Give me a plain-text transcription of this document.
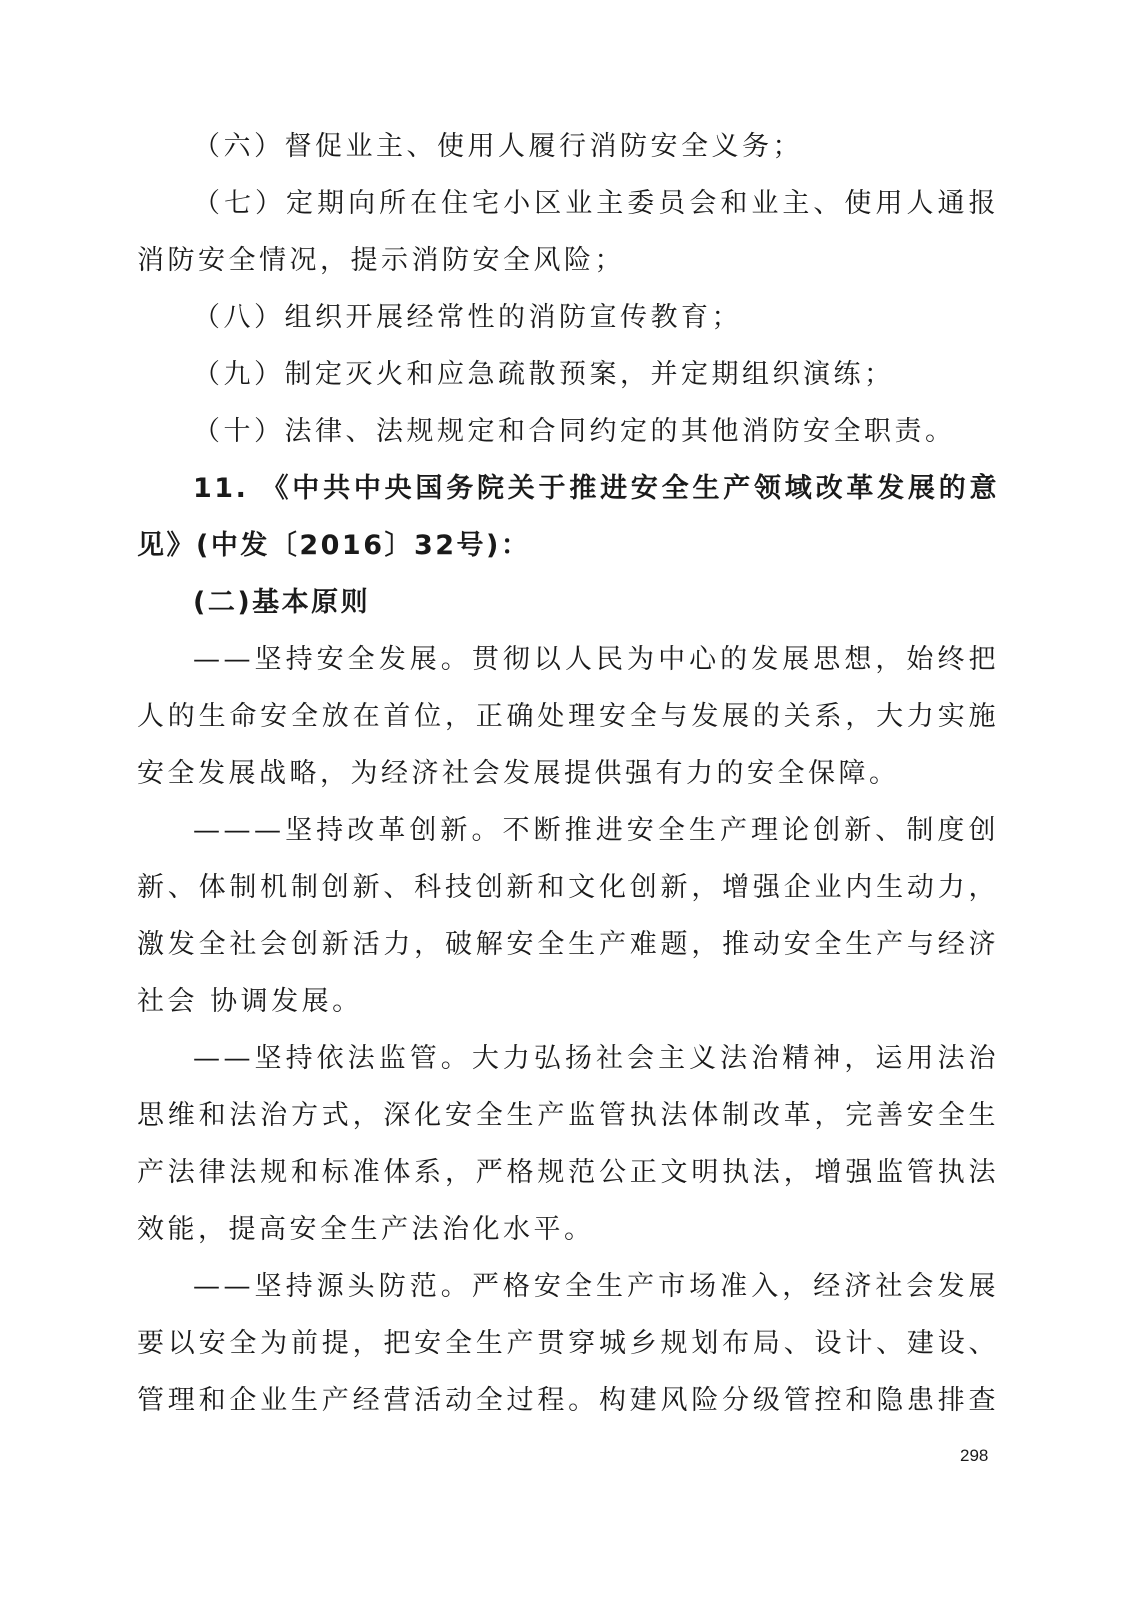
（六）督促业主、使用人履行消防安全义务；
（七）定期向所在住宅小区业主委员会和业主、使用人通报
消防安全情况，提示消防安全风险；
（八）组织开展经常性的消防宣传教育；
（九）制定灭火和应急疏散预案，并定期组织演练；
（十）法律、法规规定和合同约定的其他消防安全职责。
11. 《中共中央国务院关于推进安全生产领域改革发展的意
见》(中发〔2016〕32号)：
(二)基本原则
——坚持安全发展。贯彻以人民为中心的发展思想，始终把
人的生命安全放在首位，正确处理安全与发展的关系，大力实施
安全发展战略，为经济社会发展提供强有力的安全保障。
———坚持改革创新。不断推进安全生产理论创新、制度创
新、体制机制创新、科技创新和文化创新，增强企业内生动力，
激发全社会创新活力，破解安全生产难题，推动安全生产与经济
社会 协调发展。
——坚持依法监管。大力弘扬社会主义法治精神，运用法治
思维和法治方式，深化安全生产监管执法体制改革，完善安全生
产法律法规和标准体系，严格规范公正文明执法，增强监管执法
效能，提高安全生产法治化水平。
——坚持源头防范。严格安全生产市场准入，经济社会发展
要以安全为前提，把安全生产贯穿城乡规划布局、设计、建设、
管理和企业生产经营活动全过程。构建风险分级管控和隐患排查
298
